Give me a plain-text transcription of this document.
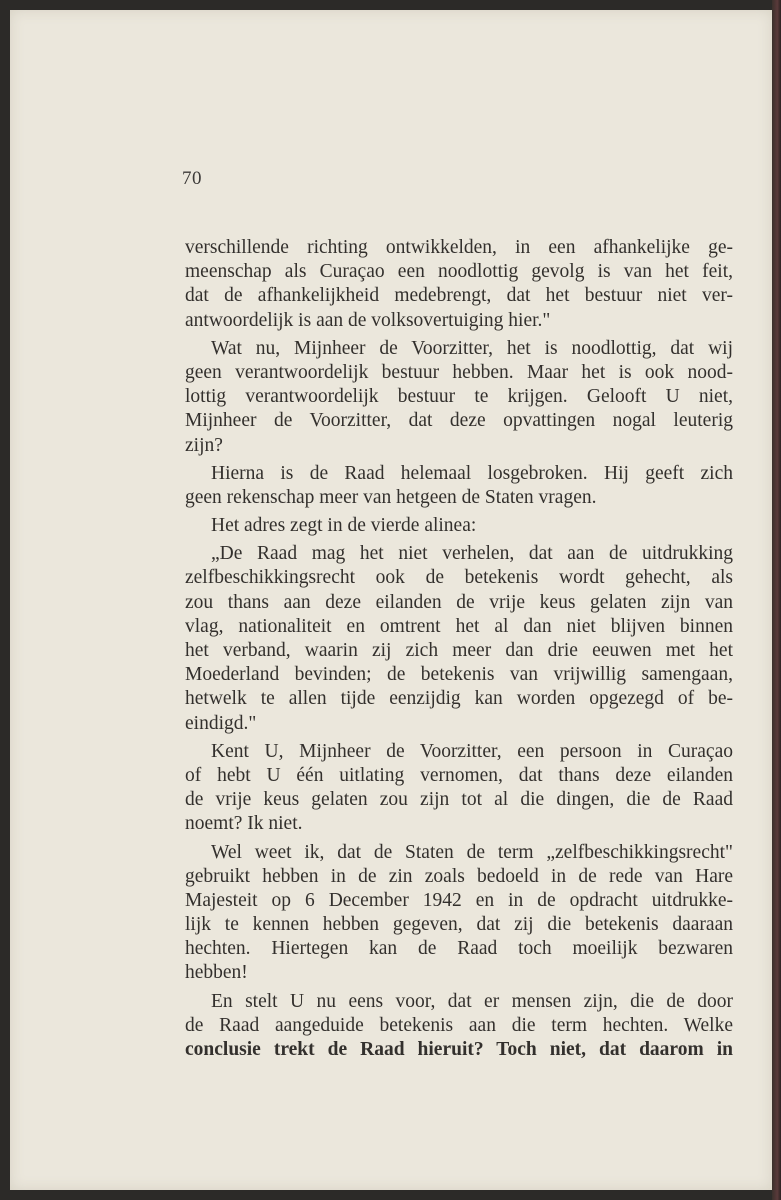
70
verschillende richting ontwikkelden, in een afhankelijke ge-
meenschap als Curaçao een noodlottig gevolg is van het feit,
dat de afhankelijkheid medebrengt, dat het bestuur niet ver-
antwoordelijk is aan de volksovertuiging hier."
Wat nu, Mijnheer de Voorzitter, het is noodlottig, dat wij
geen verantwoordelijk bestuur hebben. Maar het is ook nood-
lottig verantwoordelijk bestuur te krijgen. Gelooft U niet,
Mijnheer de Voorzitter, dat deze opvattingen nogal leuterig
zijn?
Hierna is de Raad helemaal losgebroken. Hij geeft zich
geen rekenschap meer van hetgeen de Staten vragen.
Het adres zegt in de vierde alinea:
„De Raad mag het niet verhelen, dat aan de uitdrukking
zelfbeschikkingsrecht ook de betekenis wordt gehecht, als
zou thans aan deze eilanden de vrije keus gelaten zijn van
vlag, nationaliteit en omtrent het al dan niet blijven binnen
het verband, waarin zij zich meer dan drie eeuwen met het
Moederland bevinden; de betekenis van vrijwillig samengaan,
hetwelk te allen tijde eenzijdig kan worden opgezegd of be-
eindigd."
Kent U, Mijnheer de Voorzitter, een persoon in Curaçao
of hebt U één uitlating vernomen, dat thans deze eilanden
de vrije keus gelaten zou zijn tot al die dingen, die de Raad
noemt? Ik niet.
Wel weet ik, dat de Staten de term „zelfbeschikkingsrecht"
gebruikt hebben in de zin zoals bedoeld in de rede van Hare
Majesteit op 6 December 1942 en in de opdracht uitdrukke-
lijk te kennen hebben gegeven, dat zij die betekenis daaraan
hechten. Hiertegen kan de Raad toch moeilijk bezwaren
hebben!
En stelt U nu eens voor, dat er mensen zijn, die de door
de Raad aangeduide betekenis aan die term hechten. Welke
conclusie trekt de Raad hieruit? Toch niet, dat daarom in
